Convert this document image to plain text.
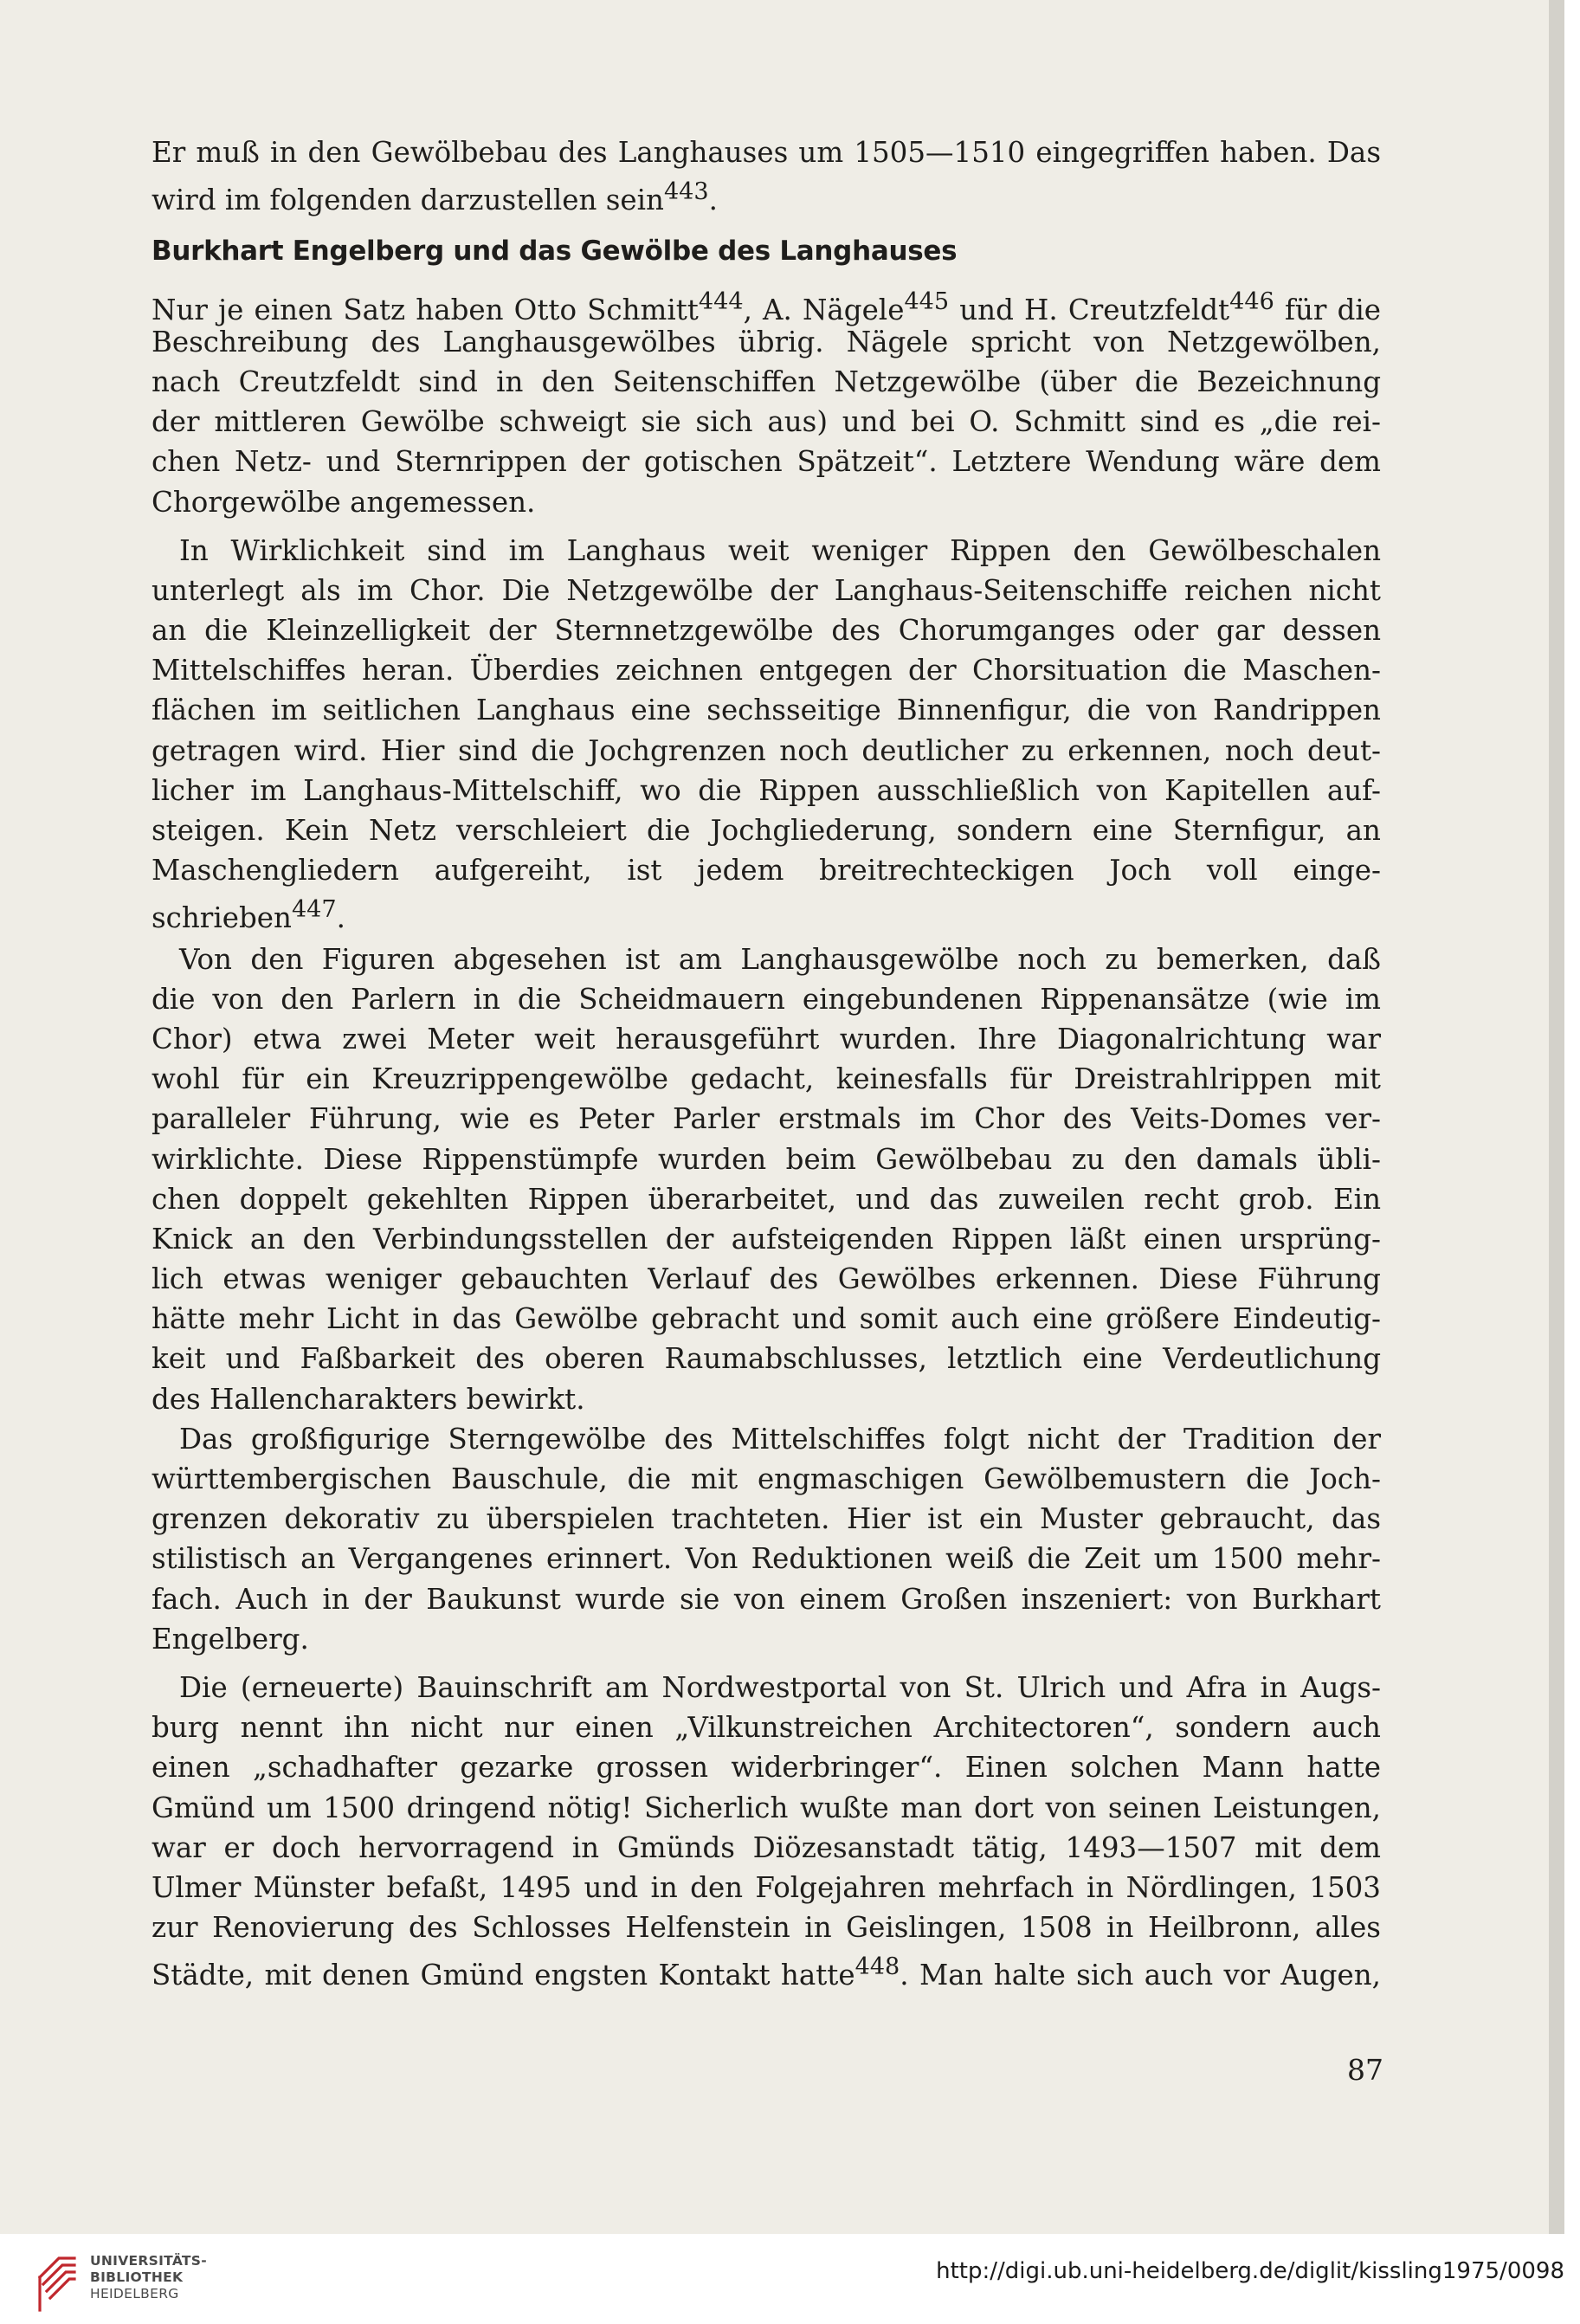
Er muß in den Gewölbebau des Langhauses um 1505—1510 eingegriffen haben. Das
wird im folgenden darzustellen sein$^{443}$.
Burkhart Engelberg und das Gewölbe des Langhauses
Nur je einen Satz haben Otto Schmitt$^{444}$, A. Nägele$^{445}$ und H. Creutzfeldt$^{446}$ für die
Beschreibung des Langhausgewölbes übrig. Nägele spricht von Netzgewölben,
nach Creutzfeldt sind in den Seitenschiffen Netzgewölbe (über die Bezeichnung
der mittleren Gewölbe schweigt sie sich aus) und bei O. Schmitt sind es „die rei-
chen Netz- und Sternrippen der gotischen Spätzeit“. Letztere Wendung wäre dem
Chorgewölbe angemessen.
In Wirklichkeit sind im Langhaus weit weniger Rippen den Gewölbeschalen
unterlegt als im Chor. Die Netzgewölbe der Langhaus-Seitenschiffe reichen nicht
an die Kleinzelligkeit der Sternnetzgewölbe des Chorumganges oder gar dessen
Mittelschiffes heran. Überdies zeichnen entgegen der Chorsituation die Maschen-
flächen im seitlichen Langhaus eine sechsseitige Binnenfigur, die von Randrippen
getragen wird. Hier sind die Jochgrenzen noch deutlicher zu erkennen, noch deut-
licher im Langhaus-Mittelschiff, wo die Rippen ausschließlich von Kapitellen auf-
steigen. Kein Netz verschleiert die Jochgliederung, sondern eine Sternfigur, an
Maschengliedern aufgereiht, ist jedem breitrechteckigen Joch voll einge-
schrieben$^{447}$.
Von den Figuren abgesehen ist am Langhausgewölbe noch zu bemerken, daß
die von den Parlern in die Scheidmauern eingebundenen Rippenansätze (wie im
Chor) etwa zwei Meter weit herausgeführt wurden. Ihre Diagonalrichtung war
wohl für ein Kreuzrippengewölbe gedacht, keinesfalls für Dreistrahlrippen mit
paralleler Führung, wie es Peter Parler erstmals im Chor des Veits-Domes ver-
wirklichte. Diese Rippenstümpfe wurden beim Gewölbebau zu den damals übli-
chen doppelt gekehlten Rippen überarbeitet, und das zuweilen recht grob. Ein
Knick an den Verbindungsstellen der aufsteigenden Rippen läßt einen ursprüng-
lich etwas weniger gebauchten Verlauf des Gewölbes erkennen. Diese Führung
hätte mehr Licht in das Gewölbe gebracht und somit auch eine größere Eindeutig-
keit und Faßbarkeit des oberen Raumabschlusses, letztlich eine Verdeutlichung
des Hallencharakters bewirkt.
Das großfigurige Sterngewölbe des Mittelschiffes folgt nicht der Tradition der
württembergischen Bauschule, die mit engmaschigen Gewölbemustern die Joch-
grenzen dekorativ zu überspielen trachteten. Hier ist ein Muster gebraucht, das
stilistisch an Vergangenes erinnert. Von Reduktionen weiß die Zeit um 1500 mehr-
fach. Auch in der Baukunst wurde sie von einem Großen inszeniert: von Burkhart
Engelberg.
Die (erneuerte) Bauinschrift am Nordwestportal von St. Ulrich und Afra in Augs-
burg nennt ihn nicht nur einen „Vilkunstreichen Architectoren“, sondern auch
einen „schadhafter gezarke grossen widerbringer“. Einen solchen Mann hatte
Gmünd um 1500 dringend nötig! Sicherlich wußte man dort von seinen Leistungen,
war er doch hervorragend in Gmünds Diözesanstadt tätig, 1493—1507 mit dem
Ulmer Münster befaßt, 1495 und in den Folgejahren mehrfach in Nördlingen, 1503
zur Renovierung des Schlosses Helfenstein in Geislingen, 1508 in Heilbronn, alles
Städte, mit denen Gmünd engsten Kontakt hatte$^{448}$. Man halte sich auch vor Augen,
87
UNIVERSITÄTS-
BIBLIOTHEK
HEIDELBERG
http://digi.ub.uni-heidelberg.de/diglit/kissling1975/0098
